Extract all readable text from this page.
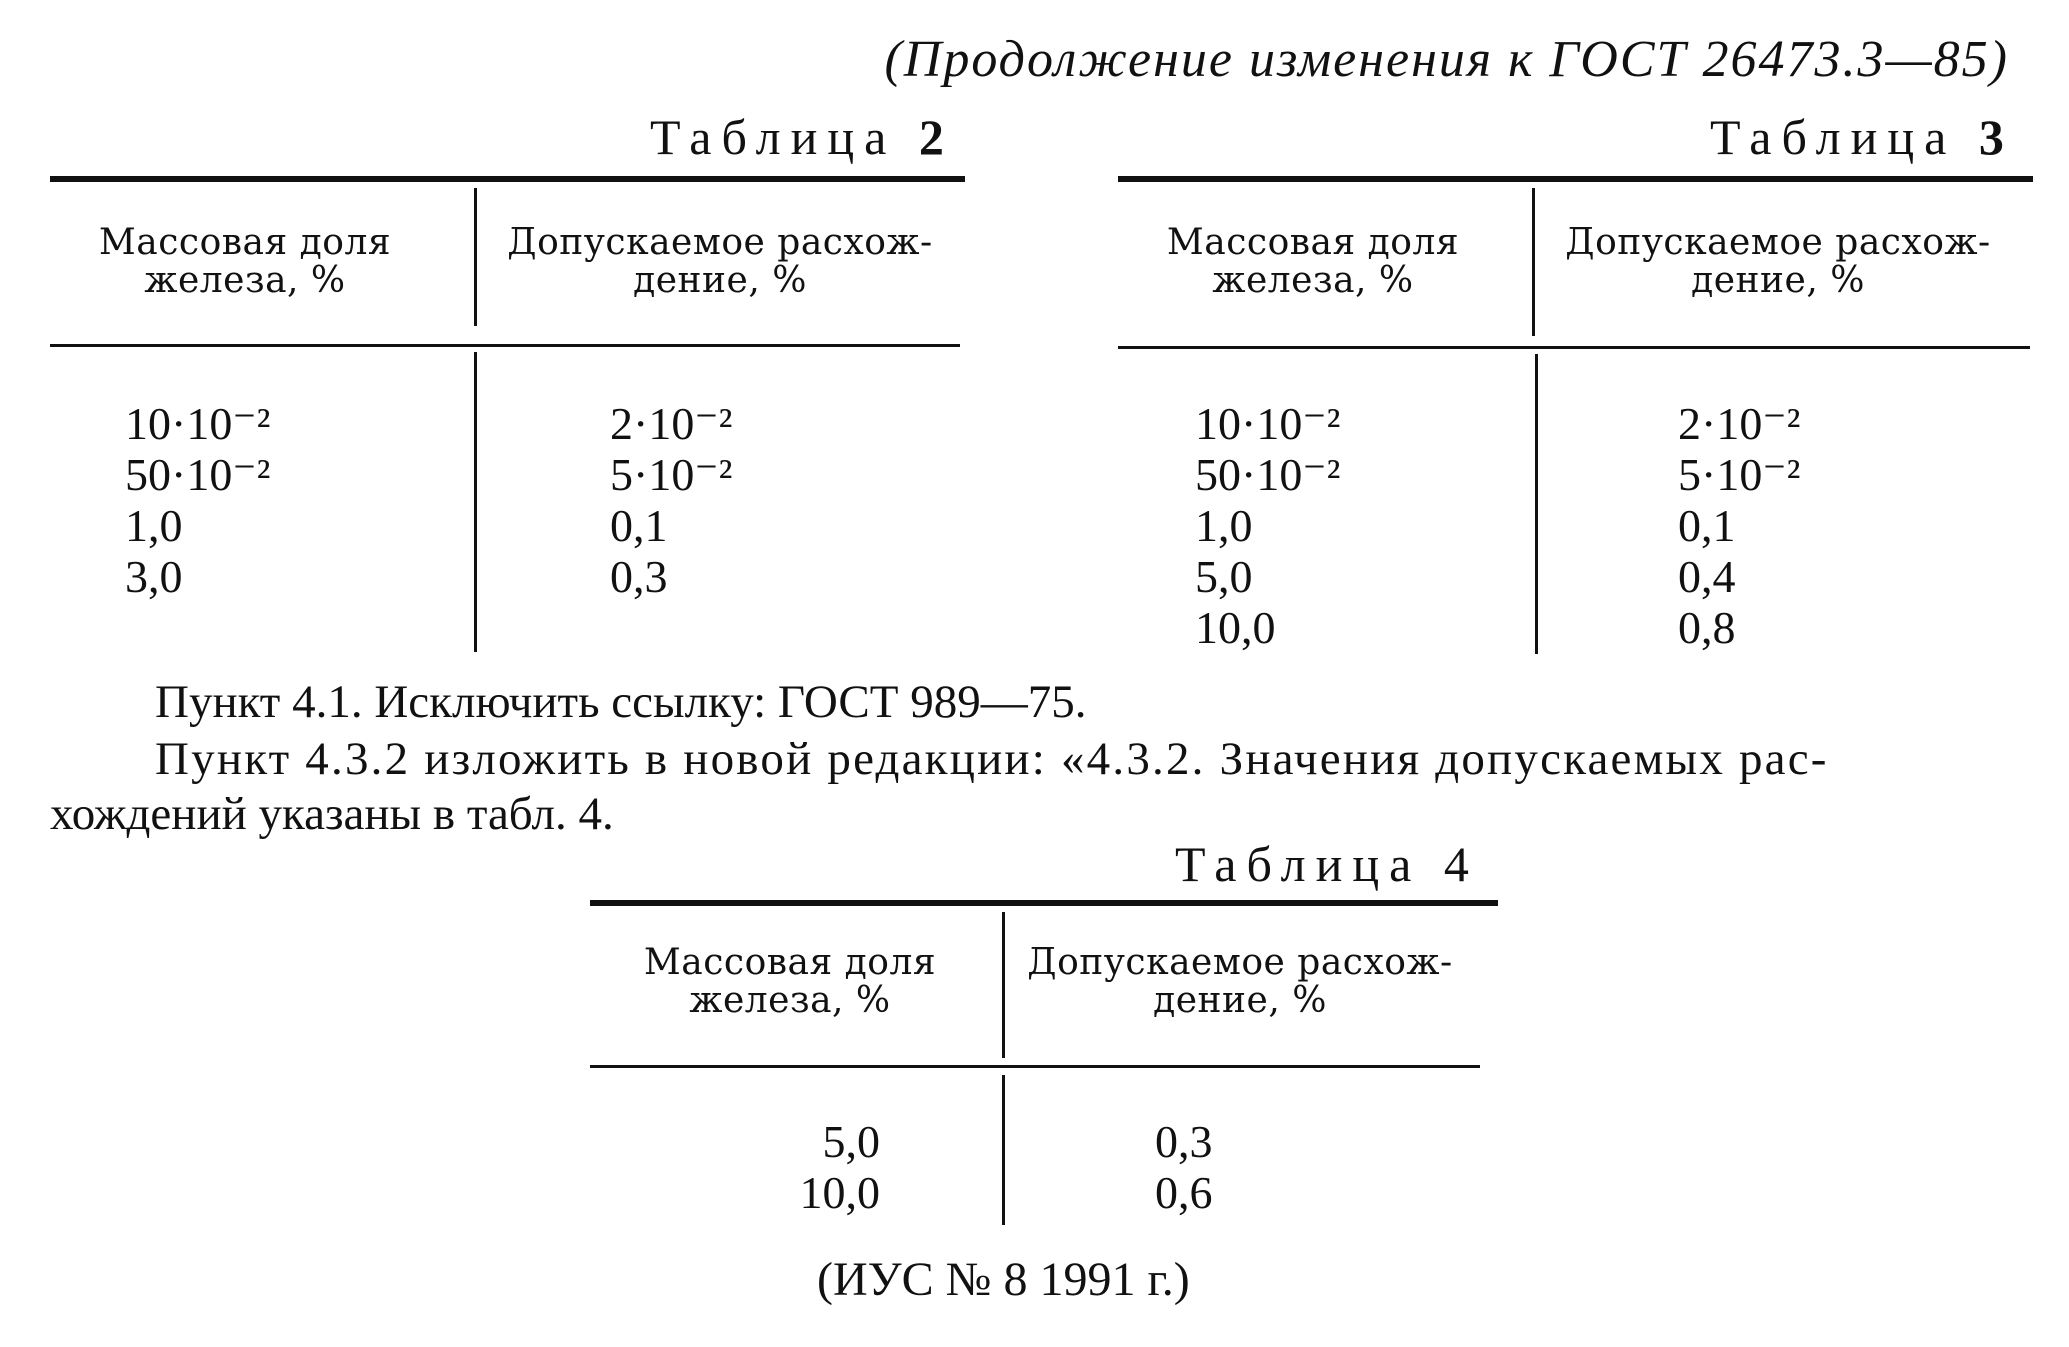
(Продолжение изменения к ГОСТ 26473.3—85)
Таблица 2
Массовая доля железа, %
Допускаемое расхож-дение, %
10·10⁻²
50·10⁻²
1,0
3,0
2·10⁻²
5·10⁻²
0,1
0,3
Таблица 3
Массовая доля железа, %
Допускаемое расхож-дение, %
10·10⁻²
50·10⁻²
1,0
5,0
10,0
2·10⁻²
5·10⁻²
0,1
0,4
0,8
Пункт 4.1. Исключить ссылку: ГОСТ 989—75.
Пункт 4.3.2 изложить в новой редакции: «4.3.2. Значения допускаемых рас-
хождений указаны в табл. 4.
Таблица 4
Массовая доля железа, %
Допускаемое расхож-дение, %
5,0
10,0
0,3
0,6
(ИУС № 8 1991 г.)
